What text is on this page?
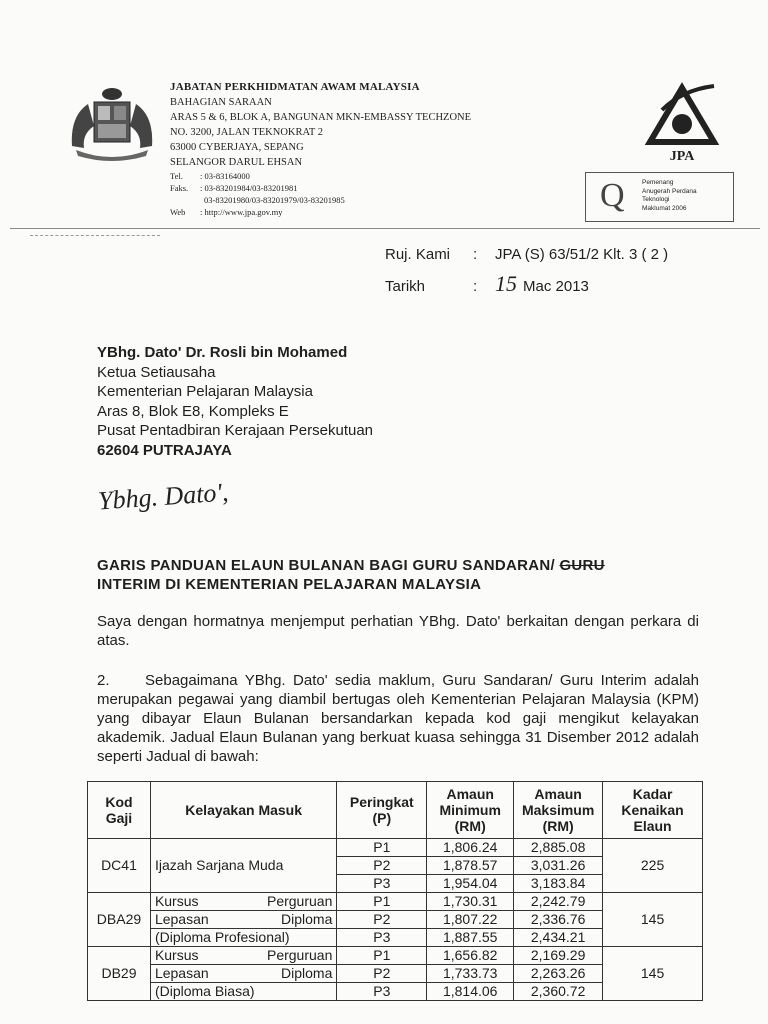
JABATAN PERKHIDMATAN AWAM MALAYSIA
BAHAGIAN SARAAN
ARAS 5 & 6, BLOK A, BANGUNAN MKN-EMBASSY TECHZONE
NO. 3200, JALAN TEKNOKRAT 2
63000 CYBERJAYA, SEPANG
SELANGOR DARUL EHSAN
Tel. : 03-83164000
Faks. : 03-83201984/03-83201981
03-83201980/03-83201979/03-83201985
Web : http://www.jpa.gov.my
JPA
Q	Pemenang
Anugerah Perdana
Teknologi
Maklumat 2006
Ruj. Kami : JPA (S) 63/51/2 Klt. 3 ( 2 )
Tarikh	: 15 Mac 2013
YBhg. Dato' Dr. Rosli bin Mohamed
Ketua Setiausaha
Kementerian Pelajaran Malaysia
Aras 8, Blok E8, Kompleks E
Pusat Pentadbiran Kerajaan Persekutuan
62604 PUTRAJAYA
Ybhg. Dato',
GARIS PANDUAN ELAUN BULANAN BAGI GURU SANDARAN/ GURU
INTERIM DI KEMENTERIAN PELAJARAN MALAYSIA
Saya dengan hormatnya menjemput perhatian YBhg. Dato' berkaitan dengan perkara di atas.
2. Sebagaimana YBhg. Dato' sedia maklum, Guru Sandaran/ Guru Interim adalah merupakan pegawai yang diambil bertugas oleh Kementerian Pelajaran Malaysia (KPM) yang dibayar Elaun Bulanan bersandarkan kepada kod gaji mengikut kelayakan akademik. Jadual Elaun Bulanan yang berkuat kuasa sehingga 31 Disember 2012 adalah seperti Jadual di bawah:
Kod Gaji	Kelayakan Masuk	Peringkat (P)	Amaun Minimum (RM)	Amaun Maksimum (RM)	Kadar Kenaikan Elaun
DC41	Ijazah Sarjana Muda	P1	1,806.24	2,885.08	225
		P2	1,878.57	3,031.26	
		P3	1,954.04	3,183.84	
DBA29	Kursus Perguruan	P1	1,730.31	2,242.79	145
	Lepasan Diploma	P2	1,807.22	2,336.76	
	(Diploma Profesional)	P3	1,887.55	2,434.21	
DB29	Kursus Perguruan	P1	1,656.82	2,169.29	145
	Lepasan Diploma	P2	1,733.73	2,263.26	
	(Diploma Biasa)	P3	1,814.06	2,360.72	
